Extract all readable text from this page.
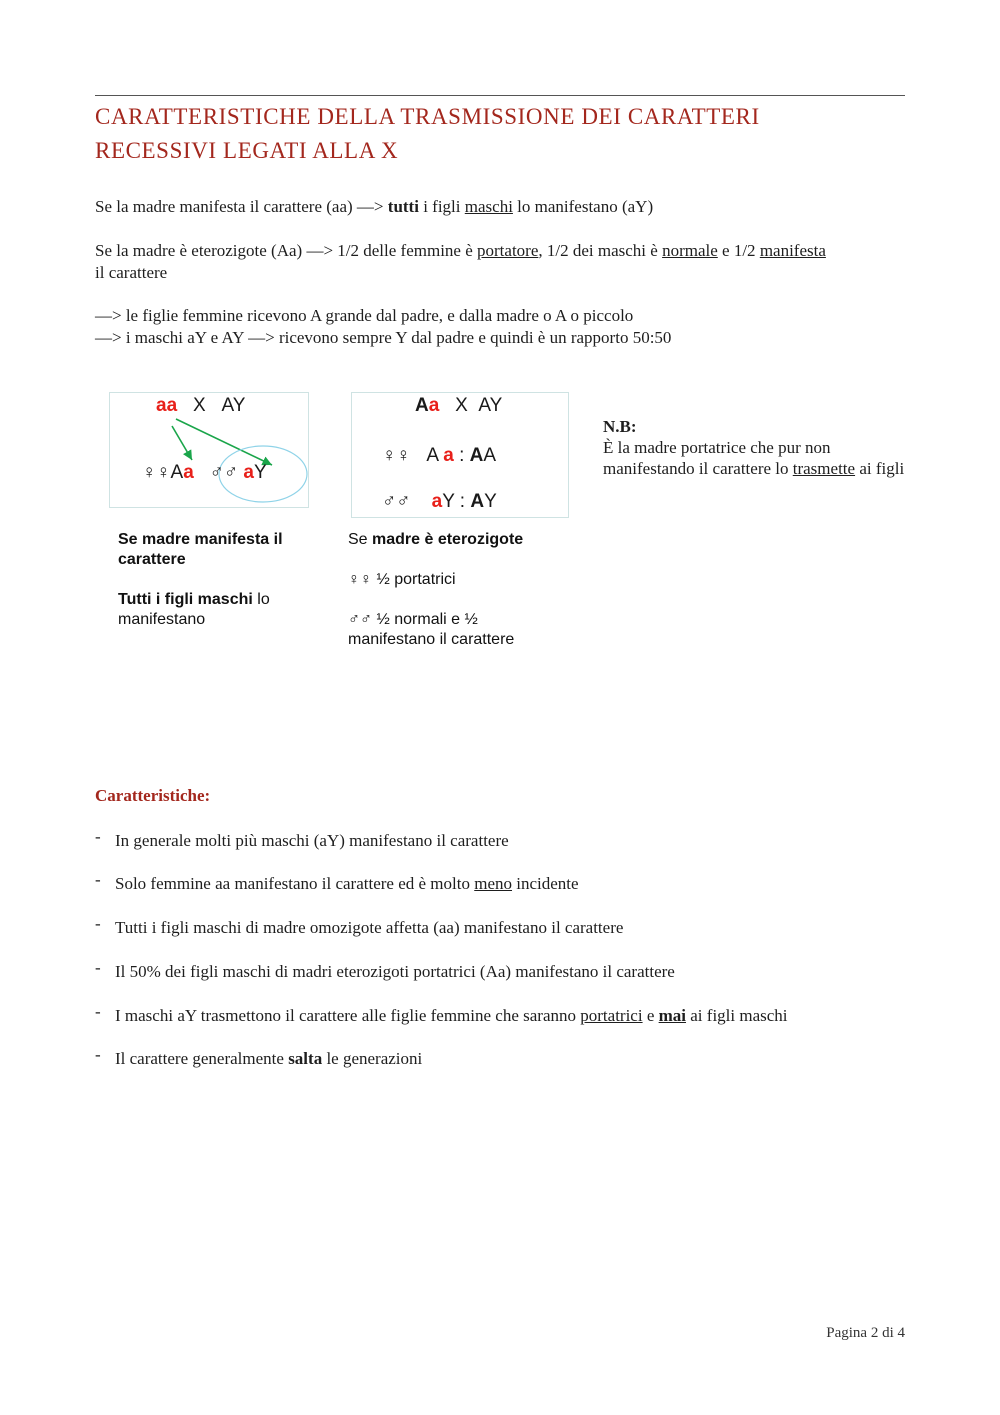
CARATTERISTICHE DELLA TRASMISSIONE DEI CARATTERI
RECESSIVI LEGATI ALLA X
Se la madre manifesta il carattere (aa) —> tutti i figli maschi lo manifestano (aY)
Se la madre è eterozigote (Aa) —> 1/2 delle femmine è portatore, 1/2 dei maschi è normale e 1/2 manifesta
il carattere
—> le figlie femmine ricevono A grande dal padre, e dalla madre o A o piccolo
—> i maschi aY e AY —> ricevono sempre Y dal padre e quindi è un rapporto 50:50
aa X AY
♀♀Aa ♂♂ aY
Aa X AY
♀♀ A a : AA
♂♂ aY : AY
Se madre manifesta il carattere
Tutti i figli maschi lo manifestano
Se madre è eterozigote
♀♀ ½ portatrici
♂♂ ½ normali e ½ manifestano il carattere
N.B:
È la madre portatrice che pur non manifestando il carattere lo trasmette ai figli
Caratteristiche:
- In generale molti più maschi (aY) manifestano il carattere
- Solo femmine aa manifestano il carattere ed è molto meno incidente
- Tutti i figli maschi di madre omozigote affetta (aa) manifestano il carattere
- Il 50% dei figli maschi di madri eterozigoti portatrici (Aa) manifestano il carattere
- I maschi aY trasmettono il carattere alle figlie femmine che saranno portatrici e mai ai figli maschi
- Il carattere generalmente salta le generazioni
Pagina 2 di 4
